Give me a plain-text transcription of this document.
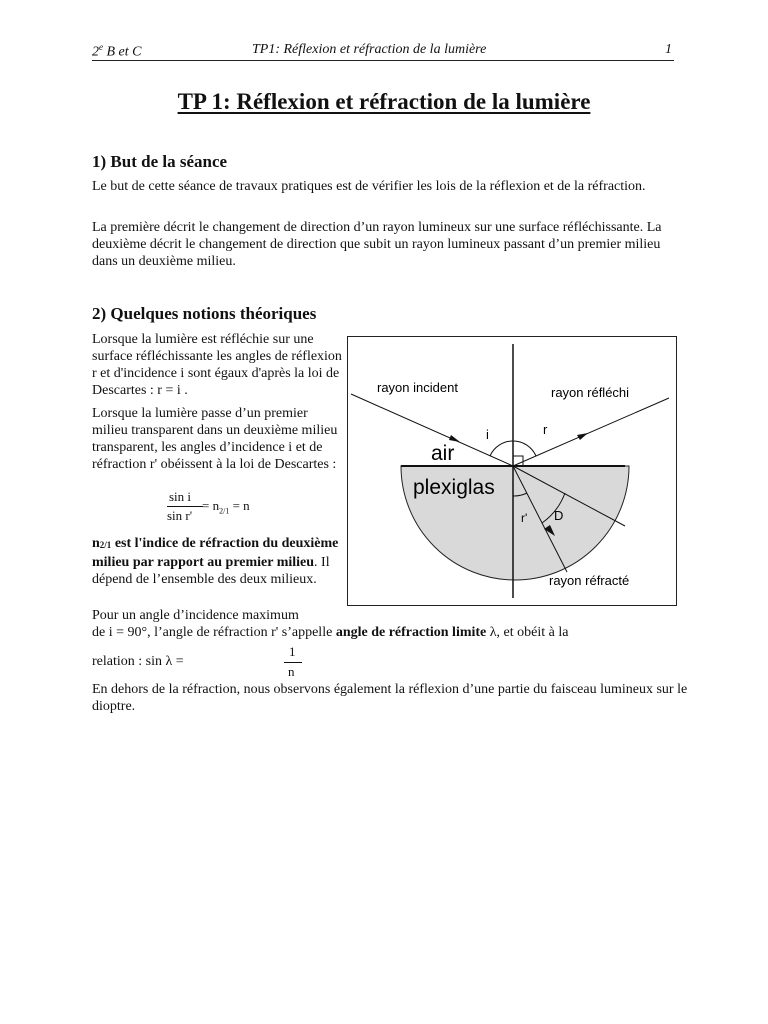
2e B et C	TP1: Réflexion et réfraction de la lumière	1
TP 1: Réflexion et réfraction de la lumière
1) But de la séance

Le but de cette séance de travaux pratiques est de vérifier les lois de la réflexion et de la réfraction.

La première décrit le changement de direction d’un rayon lumineux sur une surface réfléchissante. La deuxième décrit le changement de direction que subit un rayon lumineux passant d’un premier milieu dans un deuxième milieu.

2) Quelques notions théoriques

Lorsque la lumière est réfléchie sur une surface réfléchissante les angles de réflexion r et d'incidence i sont égaux d'après la loi de Descartes : r = i .

Lorsque la lumière passe d’un premier milieu transparent dans un deuxième milieu transparent, les angles d’incidence i et de réfraction r' obéissent à la loi de Descartes :

sin i
sin r'
= $n_{2/1} = n$

$n_{2/1}$ est l'indice de réfraction du deuxième milieu par rapport au premier milieu. Il dépend de l’ensemble des deux milieux.

Pour un angle d’incidence maximum

de i = 90°, l’angle de réfraction r' s’appelle angle de réfraction limite λ, et obéit à la

relation : sin λ =
1
n

En dehors de la réfraction, nous observons également la réflexion d’une partie du faisceau lumineux sur le dioptre.

rayon incident	rayon réfléchi
rayon réfracté
air
plexiglas
i	r
r' D
